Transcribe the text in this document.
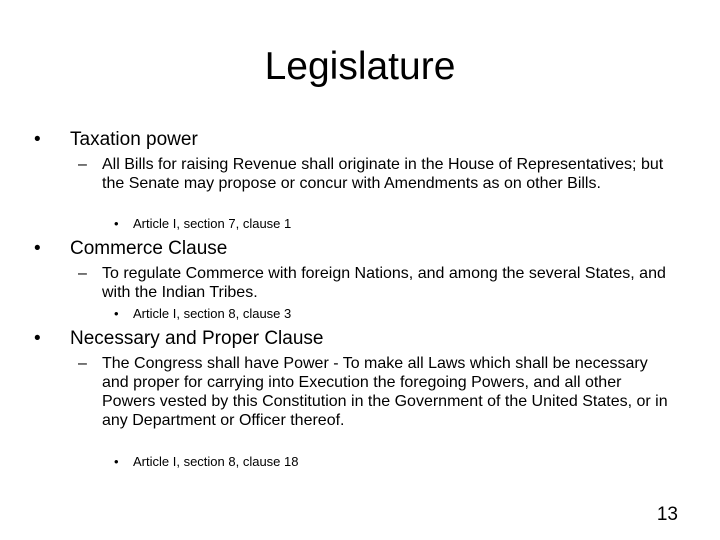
Legislature
•	Taxation power
– All Bills for raising Revenue shall originate in the House of Representatives; but the Senate may propose or concur with Amendments as on other Bills.
•	Article I, section 7, clause 1
•	Commerce Clause
– To regulate Commerce with foreign Nations, and among the several States, and with the Indian Tribes.
•	Article I, section 8, clause 3
•	Necessary and Proper Clause
– The Congress shall have Power - To make all Laws which shall be necessary and proper for carrying into Execution the foregoing Powers, and all other Powers vested by this Constitution in the Government of the United States, or in any Department or Officer thereof.
•	Article I, section 8, clause 18
13
